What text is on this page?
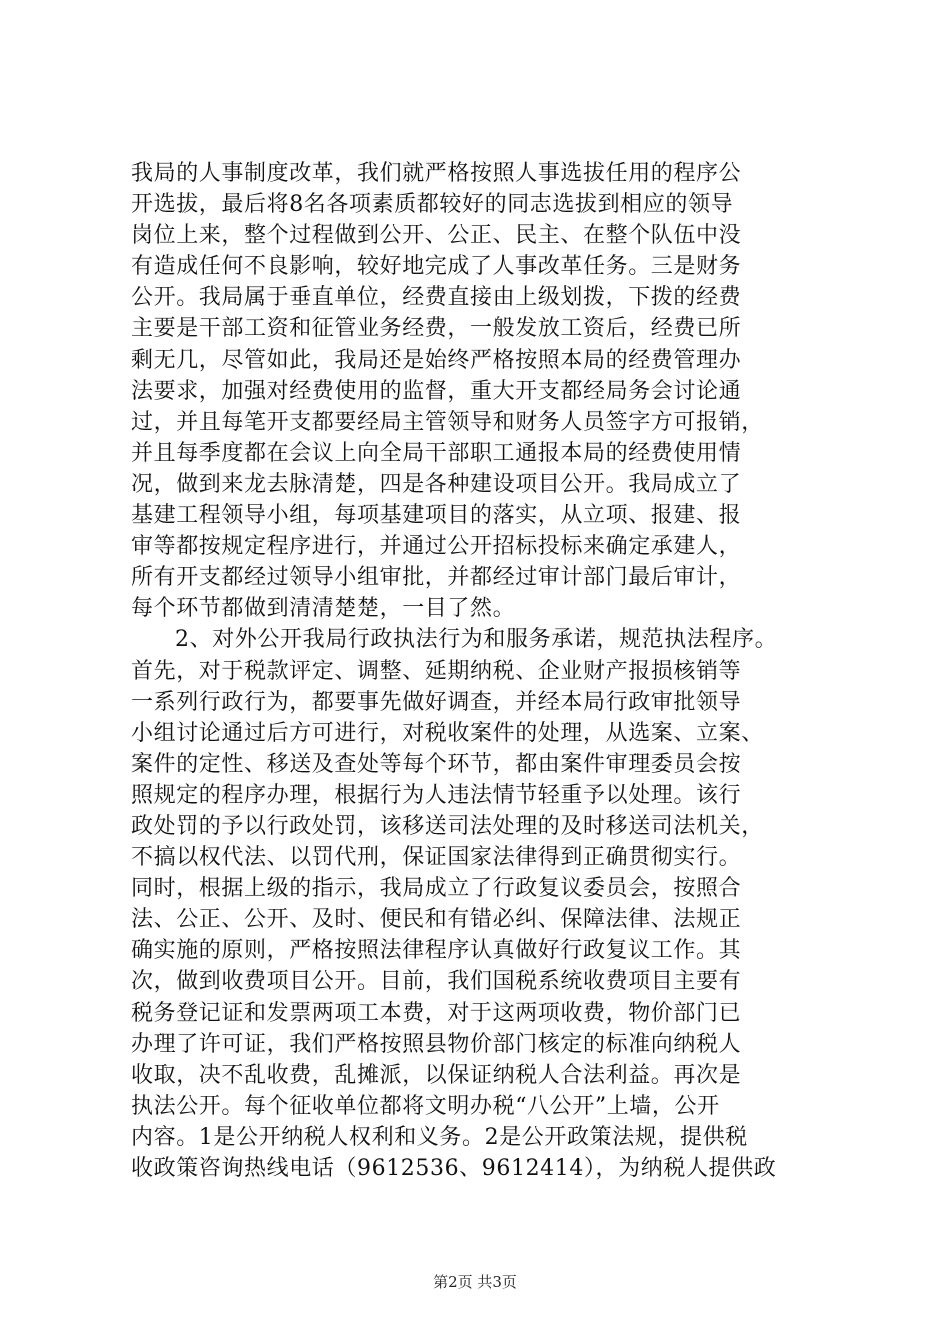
我局的人事制度改革，我们就严格按照人事选拔任用的程序公
开选拔，最后将8名各项素质都较好的同志选拔到相应的领导
岗位上来，整个过程做到公开、公正、民主、在整个队伍中没
有造成任何不良影响，较好地完成了人事改革任务。三是财务
公开。我局属于垂直单位，经费直接由上级划拨，下拨的经费
主要是干部工资和征管业务经费，一般发放工资后，经费已所
剩无几，尽管如此，我局还是始终严格按照本局的经费管理办
法要求，加强对经费使用的监督，重大开支都经局务会讨论通
过，并且每笔开支都要经局主管领导和财务人员签字方可报销，
并且每季度都在会议上向全局干部职工通报本局的经费使用情
况，做到来龙去脉清楚，四是各种建设项目公开。我局成立了
基建工程领导小组，每项基建项目的落实，从立项、报建、报
审等都按规定程序进行，并通过公开招标投标来确定承建人，
所有开支都经过领导小组审批，并都经过审计部门最后审计，
每个环节都做到清清楚楚，一目了然。
2、对外公开我局行政执法行为和服务承诺，规范执法程序。
首先，对于税款评定、调整、延期纳税、企业财产报损核销等
一系列行政行为，都要事先做好调查，并经本局行政审批领导
小组讨论通过后方可进行，对税收案件的处理，从选案、立案、
案件的定性、移送及查处等每个环节，都由案件审理委员会按
照规定的程序办理，根据行为人违法情节轻重予以处理。该行
政处罚的予以行政处罚，该移送司法处理的及时移送司法机关，
不搞以权代法、以罚代刑，保证国家法律得到正确贯彻实行。
同时，根据上级的指示，我局成立了行政复议委员会，按照合
法、公正、公开、及时、便民和有错必纠、保障法律、法规正
确实施的原则，严格按照法律程序认真做好行政复议工作。其
次，做到收费项目公开。目前，我们国税系统收费项目主要有
税务登记证和发票两项工本费，对于这两项收费，物价部门已
办理了许可证，我们严格按照县物价部门核定的标准向纳税人
收取，决不乱收费，乱摊派，以保证纳税人合法利益。再次是
执法公开。每个征收单位都将文明办税“八公开”上墙，公开
内容。1是公开纳税人权利和义务。2是公开政策法规，提供税
收政策咨询热线电话（9612536、9612414），为纳税人提供政
第2页 共3页
